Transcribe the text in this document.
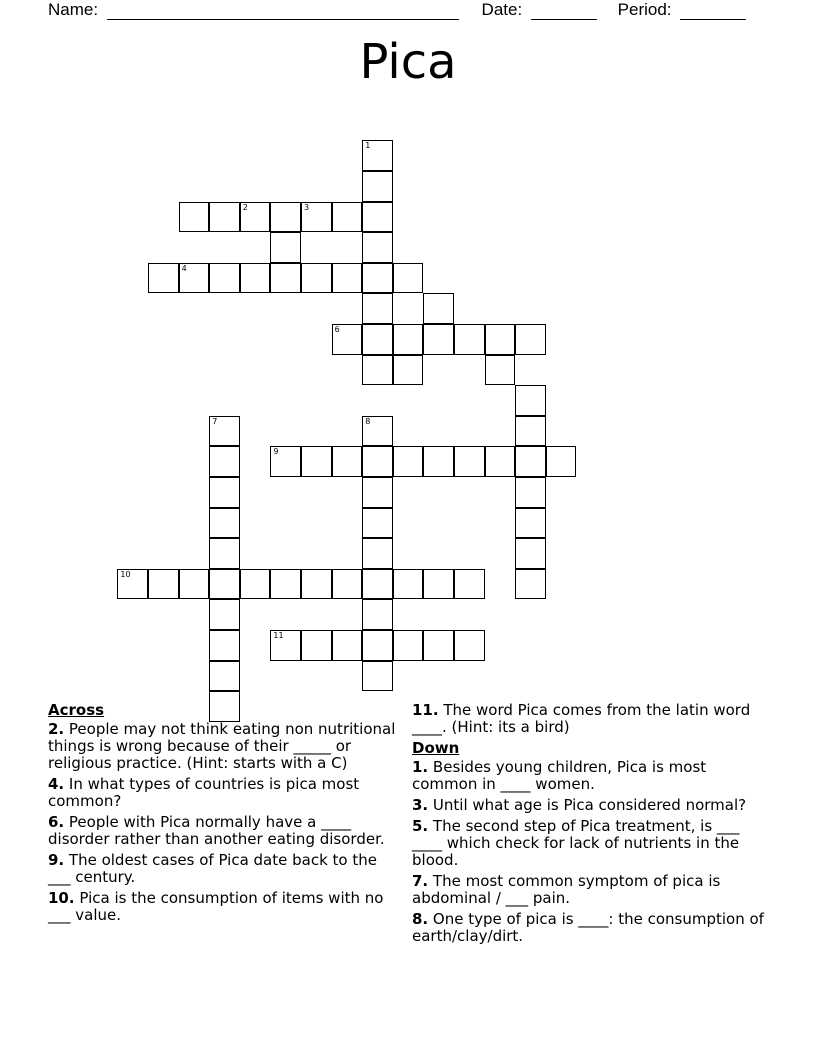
Name:	Date:	Period:
Pica
1
2	3
4
6
7	8
9
10
11
Across
2. People may not think eating non nutritional things is wrong because of their _____ or religious practice. (Hint: starts with a C)
4. In what types of countries is pica most common?
6. People with Pica normally have a ____ disorder rather than another eating disorder.
9. The oldest cases of Pica date back to the ___ century.
10. Pica is the consumption of items with no ___ value.
11. The word Pica comes from the latin word ____. (Hint: its a bird)
Down
1. Besides young children, Pica is most common in ____ women.
3. Until what age is Pica considered normal?
5. The second step of Pica treatment, is ___ ____ which check for lack of nutrients in the blood.
7. The most common symptom of pica is abdominal / ___ pain.
8. One type of pica is ____: the consumption of earth/clay/dirt.
